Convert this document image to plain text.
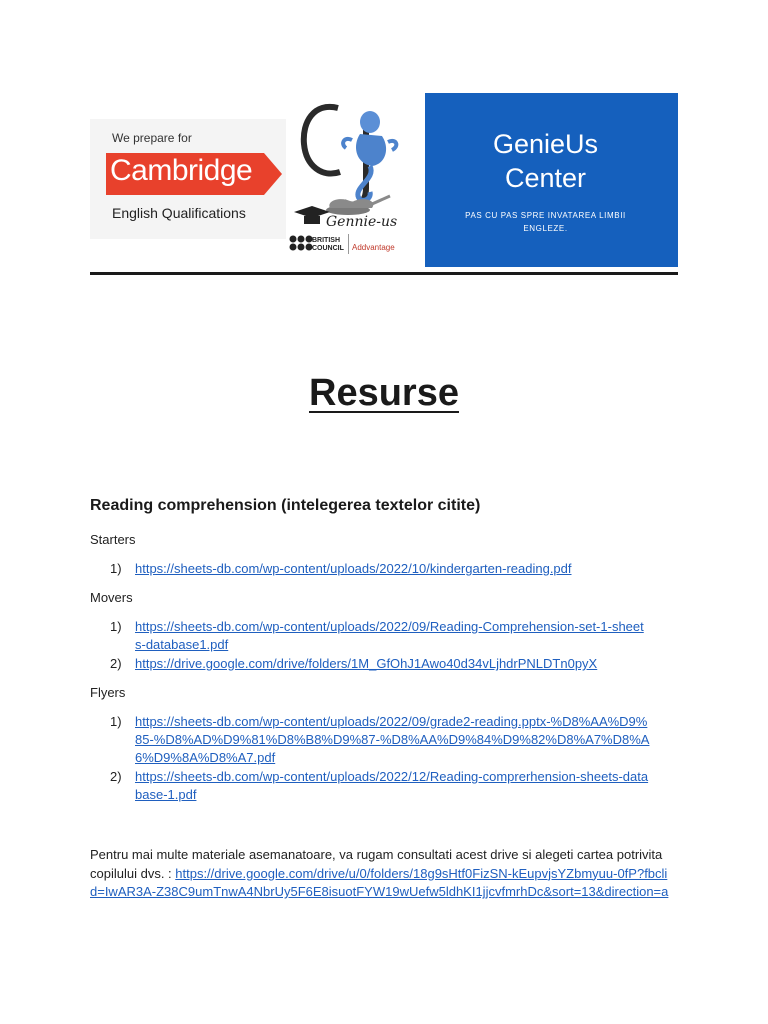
We prepare for
Cambridge
English Qualifications
Gennie-us
BRITISH COUNCIL Addvantage
GenieUs
Center
PAS CU PAS SPRE INVATAREA LIMBII
ENGLEZE.
Resurse
Reading comprehension (intelegerea textelor citite)
Starters
1) https://sheets-db.com/wp-content/uploads/2022/10/kindergarten-reading.pdf
Movers
1) https://sheets-db.com/wp-content/uploads/2022/09/Reading-Comprehension-set-1-sheets-database1.pdf
2) https://drive.google.com/drive/folders/1M_GfOhJ1Awo40d34vLjhdrPNLDTn0pyX
Flyers
1) https://sheets-db.com/wp-content/uploads/2022/09/grade2-reading.pptx-%D8%AA%D9%85-%D8%AD%D9%81%D8%B8%D9%87-%D8%AA%D9%84%D9%82%D8%A7%D8%A6%D9%8A%D8%A7.pdf
2) https://sheets-db.com/wp-content/uploads/2022/12/Reading-comprerhension-sheets-database-1.pdf
Pentru mai multe materiale asemanatoare, va rugam consultati acest drive si alegeti cartea potrivita copilului dvs. : https://drive.google.com/drive/u/0/folders/18g9sHtf0FizSN-kEupvjsYZbmyuu-0fP?fbclid=IwAR3A-Z38C9umTnwA4NbrUy5F6E8isuotFYW19wUefw5ldhKI1jjcvfmrhDc&sort=13&direction=a
